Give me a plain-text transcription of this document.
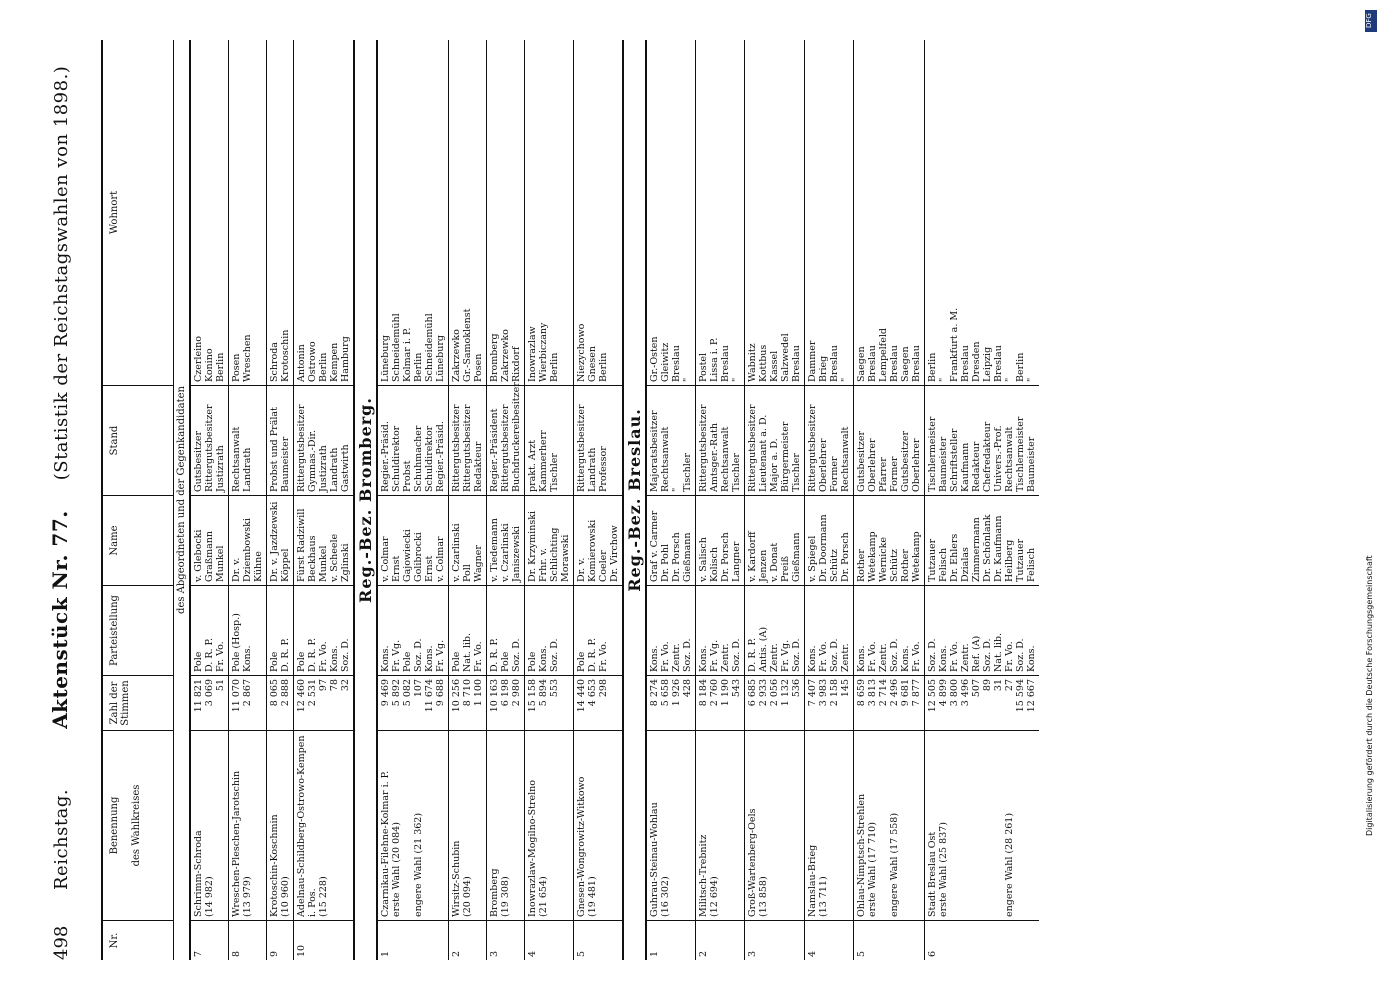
498
Reichstag.
Aktenstück Nr. 77.
(Statistik der Reichstagswahlen von 1898.)
Nr.
Benennung des Wahlkreises
Zahl der Stimmen
Parteistellung
Name
Stand
Wohnort
des Abgeordneten und der Gegenkandidaten
7
Schrimm-Schroda
(14 982)
11 821
3 069
51
Pole
D. R. P.
Fr. Vo.
v. Glebocki
Graßmann
Munkel
Gutsbesitzer
Rittergutsbesitzer
Justizrath
Czerleino
Konino
Berlin
8
Wreschen-Pleschen-Jarotschin
(13 979)
11 070
2 867
Pole (Hosp.)
Kons.
Dr. v. Dziembowski
Kühne
Rechtsanwalt
Landrath
Posen
Wreschen
9
Krotoschin-Koschmin
(10 960)
8 065
2 888
Pole
D. R. P.
Dr. v. Jazdzewski
Köppel
Probst und Prälat
Baumeister
Schroda
Krotoschin
10
Adelnau-Schildberg-Ostrowo-Kempen i. Pos.
(15 228)
12 460
2 531
97
78
32
Pole
D. R. P.
Fr. Vo.
Kons.
Soz. D.
Fürst Radziwill
Beckhaus
Munkel
v. Scheele
Zglinski
Rittergutsbesitzer
Gymnas.-Dir.
Justizrath
Landrath
Gastwirth
Antonin
Ostrowo
Berlin
Kempen
Hamburg
Reg.-Bez. Bromberg.
1
Czarnikau-Filehne-Kolmar i. P.
erste Wahl (20 084)

engere Wahl (21 362)
9 469
5 892
5 082
107
11 674
9 688
Kons.
Fr. Vg.
Pole
Soz. D.
Kons.
Fr. Vg.
v. Colmar
Ernst
Gajowiecki
Golibrocki
Ernst
v. Colmar
Regier.-Präsid.
Schuldirektor
Probst
Schuhmacher
Schuldirektor
Regier.-Präsid.
Lüneburg
Schneidemühl
Kolmar i. P.
Berlin
Schneidemühl
Lüneburg
2
Wirsitz-Schubin
(20 094)
10 256
8 710
1 100
Pole
Nat. lib.
Fr. Vo.
v. Czarlinski
Poll
Wagner
Rittergutsbesitzer
Rittergutsbesitzer
Redakteur
Zakrzewko
Gr.-Samoklenst
Posen
3
Bromberg
(19 308)
10 163
6 198
2 980
D. R. P.
Pole
Soz. D.
v. Tiedemann
v. Czarlinski
Janiszewski
Regier.-Präsident
Rittergutsbesitzer
Buchdruckereibesitzer
Bromberg
Zakrzewko
Rixdorf
4
Inowrazlaw-Mogilno-Strelno
(21 654)
15 158
5 894
553
Pole
Kons.
Soz. D.
Dr. Krzyminski
Frhr. v. Schlichting
Morawski
prakt. Arzt
Kammerherr
Tischler
Inowrazlaw
Wierbiczany
Berlin
5
Gnesen-Wongrowitz-Witkowo
(19 481)
14 440
4 653
298
Pole
D. R. P.
Fr. Vo.
Dr. v. Komierowski
Coeler
Dr. Virchow
Rittergutsbesitzer
Landrath
Professor
Niezychowo
Gnesen
Berlin
Reg.-Bez. Breslau.
1
Guhrau-Steinau-Wohlau
(16 302)
8 274
5 658
1 926
428
Kons.
Fr. Vo.
Zentr.
Soz. D.
Graf v. Carmer
Dr. Pohl
Dr. Porsch
Gießmann
Majoratsbesitzer
Rechtsanwalt
"
Tischler
Gr.-Osten
Gleiwitz
Breslau
"
2
Militsch-Trebnitz
(12 694)
8 184
2 760
1 190
543
Kons.
Fr. Vg.
Zentr.
Soz. D.
v. Salisch
Kolisch
Dr. Porsch
Langner
Rittergutsbesitzer
Amtsger.-Rath
Rechtsanwalt
Tischler
Postel
Lissa i. P.
Breslau
"
3
Groß-Wartenberg-Oels
(13 858)
6 685
2 933
2 056
1 132
536
D. R. P.
Antis. (A)
Zentr.
Fr. Vg.
Soz. D.
v. Kardorff
Jenzen
v. Donat
Preiß
Gießmann
Rittergutsbesitzer
Lieutenant a. D.
Major a. D.
Bürgermeister
Tischler
Wabnitz
Kottbus
Kassel
Salzwedel
Breslau
4
Namslau-Brieg
(13 711)
7 407
3 983
2 158
145
Kons.
Fr. Vo.
Soz. D.
Zentr.
v. Spiegel
Dr. Doormann
Schütz
Dr. Porsch
Rittergutsbesitzer
Oberlehrer
Former
Rechtsanwalt
Dammer
Brieg
Breslau
"
5
Ohlau-Nimptsch-Strehlen
erste Wahl (17 710)

engere Wahl (17 558)
8 659
3 813
2 714
2 496
9 681
7 877
Kons.
Fr. Vo.
Zentr.
Soz. D.
Kons.
Fr. Vo.
Rother
Wetekamp
Wernicke
Schütz
Rother
Wetekamp
Gutsbesitzer
Oberlehrer
Pfarrer
Former
Gutsbesitzer
Oberlehrer
Saegen
Breslau
Lempelfeld
Breslau
Saegen
Breslau
6
Stadt Breslau Ost
erste Wahl (25 837)

engere Wahl (28 261)
12 505
4 899
3 800
3 496
507
89
31
27
15 594
12 667
Soz. D.
Kons.
Fr. Vo.
Zentr.
Ref. (A)
Soz. D.
Nat. lib.
Fr. Vo.
Soz. D.
Kons.
Tutzauer
Felisch
Dr. Ehlers
Dzialas
Zimmermann
Dr. Schönlank
Dr. Kaufmann
Heilberg
Tutzauer
Felisch
Tischlermeister
Baumeister
Schriftsteller
Kaufmann
Redakteur
Chefredakteur
Univers.-Prof.
Rechtsanwalt
Tischlermeister
Baumeister
Berlin
"
Frankfurt a. M.
Breslau
Dresden
Leipzig
Breslau
"
Berlin
"
DFG
Digitalisierung gefördert durch die Deutsche Forschungsgemeinschaft
